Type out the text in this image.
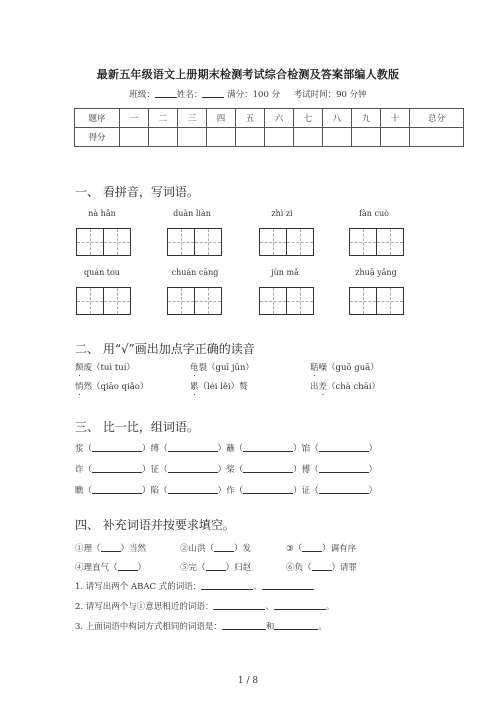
最新五年级语文上册期末检测考试综合检测及答案部编人教版
班级：	姓名：	满分：100 分 考试时间：90 分钟
题序	一	二	三	四	五	六	七	八	九	十	总分
得分											
一、 看拼音，写词语。
nà hǎn	duàn liàn	zhì zi	fàn cuò
quán tou	chuán cāng	jùn mǎ	zhuā yǎng
二、 用“√”画出加点字正确的读音
颓废（tuì tuí）	龟裂（guī jūn）	聒噪（guō guā）
悄然（qiāo qiǎo）	累（léi lěi）赘	出差（chà chāi）
三、 比一比，组词语。
浆（	）缚（	）蘸（	）馅（	）
诈（	）征（	）桨（	）傅（	）
瞧（	）陷（	）作（	）证（	）
四、 补充词语并按要求填空。
①理（ ）当然	②山洪（ ）发	③（ ）调有序
④理直气（ ）	⑤完（ ）归赵	⑥负（ ）请罪
1. 请写出两个 ABAC 式的词语：	、
2. 请写出两个与①意思相近的词语：	、	。
3. 上面词语中构词方式相同的词语是：	和	。
1 / 8
